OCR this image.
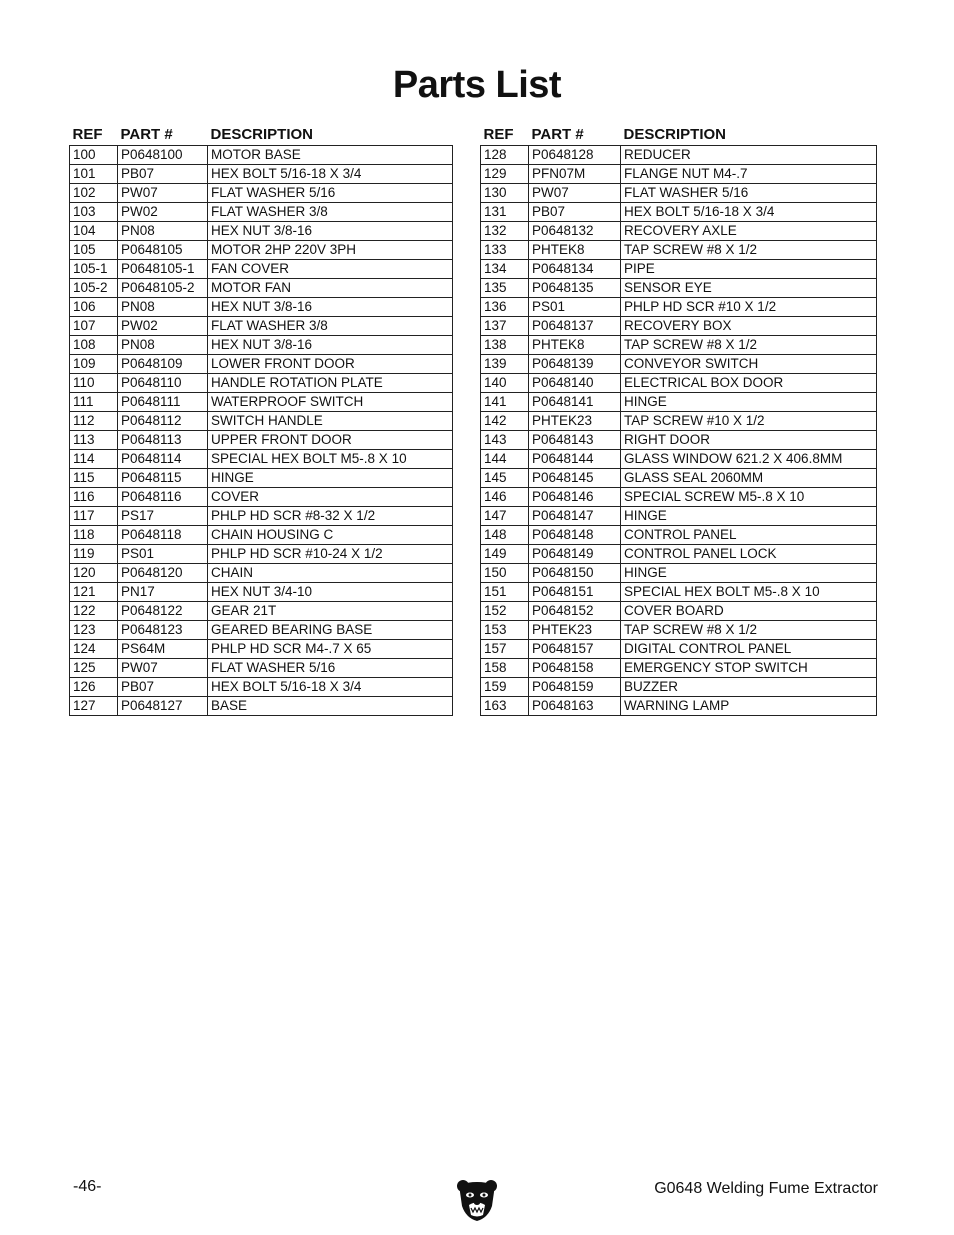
Parts List
REF	PART #	DESCRIPTION
100	P0648100	MOTOR BASE
101	PB07	HEX BOLT 5/16-18 X 3/4
102	PW07	FLAT WASHER 5/16
103	PW02	FLAT WASHER 3/8
104	PN08	HEX NUT 3/8-16
105	P0648105	MOTOR 2HP 220V 3PH
105-1	P0648105-1	FAN COVER
105-2	P0648105-2	MOTOR FAN
106	PN08	HEX NUT 3/8-16
107	PW02	FLAT WASHER 3/8
108	PN08	HEX NUT 3/8-16
109	P0648109	LOWER FRONT DOOR
110	P0648110	HANDLE ROTATION PLATE
111	P0648111	WATERPROOF SWITCH
112	P0648112	SWITCH HANDLE
113	P0648113	UPPER FRONT DOOR
114	P0648114	SPECIAL HEX BOLT M5-.8 X 10
115	P0648115	HINGE
116	P0648116	COVER
117	PS17	PHLP HD SCR #8-32 X 1/2
118	P0648118	CHAIN HOUSING C
119	PS01	PHLP HD SCR #10-24 X 1/2
120	P0648120	CHAIN
121	PN17	HEX NUT 3/4-10
122	P0648122	GEAR 21T
123	P0648123	GEARED BEARING BASE
124	PS64M	PHLP HD SCR M4-.7 X 65
125	PW07	FLAT WASHER 5/16
126	PB07	HEX BOLT 5/16-18 X 3/4
127	P0648127	BASE
REF	PART #	DESCRIPTION
128	P0648128	REDUCER
129	PFN07M	FLANGE NUT M4-.7
130	PW07	FLAT WASHER 5/16
131	PB07	HEX BOLT 5/16-18 X 3/4
132	P0648132	RECOVERY AXLE
133	PHTEK8	TAP SCREW #8 X 1/2
134	P0648134	PIPE
135	P0648135	SENSOR EYE
136	PS01	PHLP HD SCR #10 X 1/2
137	P0648137	RECOVERY BOX
138	PHTEK8	TAP SCREW #8 X 1/2
139	P0648139	CONVEYOR SWITCH
140	P0648140	ELECTRICAL BOX DOOR
141	P0648141	HINGE
142	PHTEK23	TAP SCREW #10 X 1/2
143	P0648143	RIGHT DOOR
144	P0648144	GLASS WINDOW 621.2 X 406.8MM
145	P0648145	GLASS SEAL 2060MM
146	P0648146	SPECIAL SCREW M5-.8 X 10
147	P0648147	HINGE
148	P0648148	CONTROL PANEL
149	P0648149	CONTROL PANEL LOCK
150	P0648150	HINGE
151	P0648151	SPECIAL HEX BOLT M5-.8 X 10
152	P0648152	COVER BOARD
153	PHTEK23	TAP SCREW #8 X 1/2
157	P0648157	DIGITAL CONTROL PANEL
158	P0648158	EMERGENCY STOP SWITCH
159	P0648159	BUZZER
163	P0648163	WARNING LAMP
-46-	G0648 Welding Fume Extractor
